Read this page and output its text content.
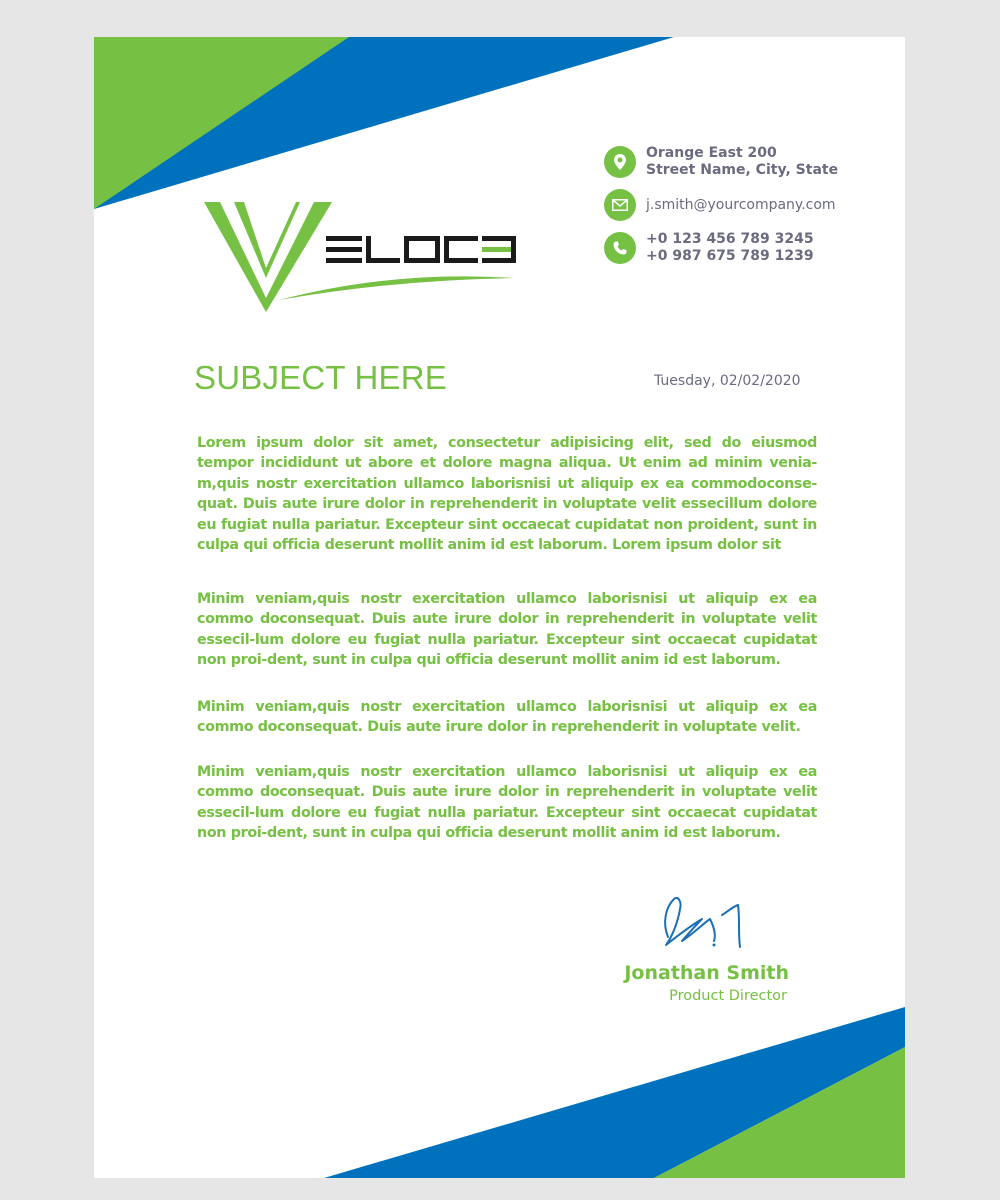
Orange East 200
Street Name, City, State
j.smith@yourcompany.com
+0 123 456 789 3245
+0 987 675 789 1239
SUBJECT HERE	Tuesday, 02/02/2020

Lorem ipsum dolor sit amet, consectetur adipisicing elit, sed do eiusmod tempor incididunt ut abore et dolore magna aliqua. Ut enim ad minim venia-m,quis nostr exercitation ullamco laborisnisi ut aliquip ex ea commodoconse-quat. Duis aute irure dolor in reprehenderit in voluptate velit essecillum dolore eu fugiat nulla pariatur. Excepteur sint occaecat cupidatat non proident, sunt in culpa qui officia deserunt mollit anim id est laborum. Lorem ipsum dolor sit

Minim veniam,quis nostr exercitation ullamco laborisnisi ut aliquip ex ea commo doconsequat. Duis aute irure dolor in reprehenderit in voluptate velit essecil-lum dolore eu fugiat nulla pariatur. Excepteur sint occaecat cupidatat non proi-dent, sunt in culpa qui officia deserunt mollit anim id est laborum.

Minim veniam,quis nostr exercitation ullamco laborisnisi ut aliquip ex ea commo doconsequat. Duis aute irure dolor in reprehenderit in voluptate velit.

Minim veniam,quis nostr exercitation ullamco laborisnisi ut aliquip ex ea commo doconsequat. Duis aute irure dolor in reprehenderit in voluptate velit essecil-lum dolore eu fugiat nulla pariatur. Excepteur sint occaecat cupidatat non proi-dent, sunt in culpa qui officia deserunt mollit anim id est laborum.

Jonathan Smith
Product Director
